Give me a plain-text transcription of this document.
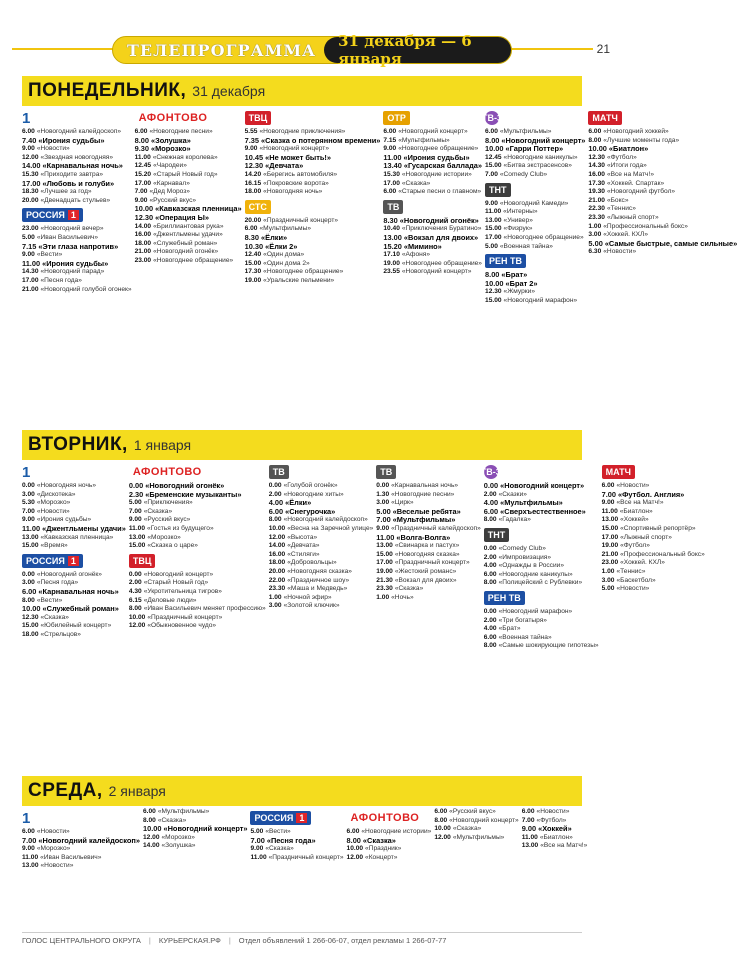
ТЕЛЕПРОГРАММА	31 декабря — 6 января
21
ПОНЕДЕЛЬНИК, 31 декабря
1
6.00 «Новогодний калейдоскоп»
7.40 «Ирония судьбы»
9.00 «Новости»
12.00 «Звездная новогодняя»
14.00 «Карнавальная ночь»
15.30 «Приходите завтра»
17.00 «Любовь и голуби»
18.30 «Лучшее за год»
20.00 «Двенадцать стульев»
РОССИЯ 1
23.00 «Новогодний вечер»
5.00 «Иван Васильевич»
7.15 «Эти глаза напротив»
9.00 «Вести»
11.00 «Ирония судьбы»
14.30 «Новогодний парад»
17.00 «Песня года»
21.00 «Новогодний голубой огонек»
АФОНТОВО
6.00 «Новогодние песни»
8.00 «Золушка»
9.30 «Морозко»
11.00 «Снежная королева»
12.45 «Чародеи»
15.20 «Старый Новый год»
17.00 «Карнавал»
7.00 «Дед Мороз»
9.00 «Русский вкус»
10.00 «Кавказская пленница»
12.30 «Операция Ы»
14.00 «Бриллиантовая рука»
16.00 «Джентльмены удачи»
18.00 «Служебный роман»
21.00 «Новогодний огонёк»
23.00 «Новогоднее обращение»
ТВЦ
5.55 «Новогодние приключения»
7.35 «Сказка о потерянном времени»
9.00 «Новогодний концерт»
10.45 «Не может быть!»
12.30 «Девчата»
14.20 «Берегись автомобиля»
16.15 «Покровские ворота»
18.00 «Новогодняя ночь»
СТС
20.00 «Праздничный концерт»
6.00 «Мультфильмы»
8.30 «Ёлки»
10.30 «Ёлки 2»
12.40 «Один дома»
15.00 «Один дома 2»
17.30 «Новогоднее обращение»
19.00 «Уральские пельмени»
ОТР
6.00 «Новогодний концерт»
7.15 «Мультфильмы»
9.00 «Новогоднее обращение»
11.00 «Ирония судьбы»
13.40 «Гусарская баллада»
15.30 «Новогодние истории»
17.00 «Сказка»
6.00 «Старые песни о главном»
ТВ
8.30 «Новогодний огонёк»
10.40 «Приключения Буратино»
13.00 «Вокзал для двоих»
15.20 «Мимино»
17.10 «Афоня»
19.00 «Новогоднее обращение»
23.55 «Новогодний концерт»
ТВ-3
6.00 «Мультфильмы»
8.00 «Новогодний концерт»
10.00 «Гарри Поттер»
12.45 «Новогодние каникулы»
15.00 «Битва экстрасенсов»
7.00 «Comedy Club»
ТНТ
9.00 «Новогодний Камеди»
11.00 «Интерны»
13.00 «Универ»
15.00 «Физрук»
17.00 «Новогоднее обращение»
5.00 «Военная тайна»
РЕН ТВ
8.00 «Брат»
10.00 «Брат 2»
12.30 «Жмурки»
15.00 «Новогодний марафон»
МАТЧ
6.00 «Новогодний хоккей»
8.00 «Лучшие моменты года»
10.00 «Биатлон»
12.30 «Футбол»
14.30 «Итоги года»
16.00 «Все на Матч!»
17.30 «Хоккей. Спартак»
19.30 «Новогодний футбол»
21.00 «Бокс»
22.30 «Теннис»
23.30 «Лыжный спорт»
1.00 «Профессиональный бокс»
3.00 «Хоккей. КХЛ»
5.00 «Самые быстрые, самые сильные»
6.30 «Новости»
ВТОРНИК, 1 января
1
0.00 «Новогодняя ночь»
3.00 «Дискотека»
5.30 «Морозко»
7.00 «Новости»
9.00 «Ирония судьбы»
11.00 «Джентльмены удачи»
13.00 «Кавказская пленница»
15.00 «Время»
РОССИЯ 1
0.00 «Новогодний огонёк»
3.00 «Песня года»
6.00 «Карнавальная ночь»
8.00 «Вести»
10.00 «Служебный роман»
12.30 «Сказка»
15.00 «Юбилейный концерт»
18.00 «Стрельцов»
АФОНТОВО
0.00 «Новогодний огонёк»
2.30 «Бременские музыканты»
5.00 «Приключения»
7.00 «Сказка»
9.00 «Русский вкус»
11.00 «Гостья из будущего»
13.00 «Морозко»
15.00 «Сказка о царе»
ТВЦ
0.00 «Новогодний концерт»
2.00 «Старый Новый год»
4.30 «Укротительница тигров»
6.15 «Деловые люди»
8.00 «Иван Васильевич меняет профессию»
10.00 «Праздничный концерт»
12.00 «Обыкновенное чудо»
ТВ
0.00 «Голубой огонёк»
2.00 «Новогодние хиты»
4.00 «Ёлки»
6.00 «Снегурочка»
8.00 «Новогодний калейдоскоп»
10.00 «Весна на Заречной улице»
12.00 «Высота»
14.00 «Девчата»
16.00 «Стиляги»
18.00 «Добровольцы»
20.00 «Новогодняя сказка»
22.00 «Праздничное шоу»
23.30 «Маша и Медведь»
1.00 «Ночной эфир»
3.00 «Золотой ключик»
ТВ
0.00 «Карнавальная ночь»
1.30 «Новогодние песни»
3.00 «Цирк»
5.00 «Веселые ребята»
7.00 «Мультфильмы»
9.00 «Праздничный калейдоскоп»
11.00 «Волга-Волга»
13.00 «Свинарка и пастух»
15.00 «Новогодняя сказка»
17.00 «Праздничный концерт»
19.00 «Жестокий романс»
21.30 «Вокзал для двоих»
23.30 «Сказка»
1.00 «Ночь»
ТВ-3
0.00 «Новогодний концерт»
2.00 «Сказки»
4.00 «Мультфильмы»
6.00 «Сверхъестественное»
8.00 «Гадалка»
ТНТ
0.00 «Comedy Club»
2.00 «Импровизация»
4.00 «Однажды в России»
6.00 «Новогодние каникулы»
8.00 «Полицейский с Рублевки»
РЕН ТВ
0.00 «Новогодний марафон»
2.00 «Три богатыря»
4.00 «Брат»
6.00 «Военная тайна»
8.00 «Самые шокирующие гипотезы»
МАТЧ
6.00 «Новости»
7.00 «Футбол. Англия»
9.00 «Все на Матч!»
11.00 «Биатлон»
13.00 «Хоккей»
15.00 «Спортивный репортёр»
17.00 «Лыжный спорт»
19.00 «Футбол»
21.00 «Профессиональный бокс»
23.00 «Хоккей. КХЛ»
1.00 «Теннис»
3.00 «Баскетбол»
5.00 «Новости»
СРЕДА, 2 января
1
6.00 «Новости»
7.00 «Новогодний калейдоскоп»
9.00 «Морозко»
11.00 «Иван Васильевич»
13.00 «Новости»
6.00 «Мультфильмы»
8.00 «Сказка»
10.00 «Новогодний концерт»
12.00 «Морозко»
14.00 «Золушка»
РОССИЯ 1
5.00 «Вести»
7.00 «Песня года»
9.00 «Сказка»
11.00 «Праздничный концерт»
АФОНТОВО
6.00 «Новогодние истории»
8.00 «Сказка»
10.00 «Праздник»
12.00 «Концерт»
6.00 «Русский вкус»
8.00 «Новогодний концерт»
10.00 «Сказка»
12.00 «Мультфильмы»
6.00 «Новости»
7.00 «Футбол»
9.00 «Хоккей»
11.00 «Биатлон»
13.00 «Все на Матч!»
ГОЛОС ЦЕНТРАЛЬНОГО ОКРУГА | КУРЬЕРСКАЯ.РФ | Отдел объявлений 1 266-06-07, отдел рекламы 1 266-07-77
